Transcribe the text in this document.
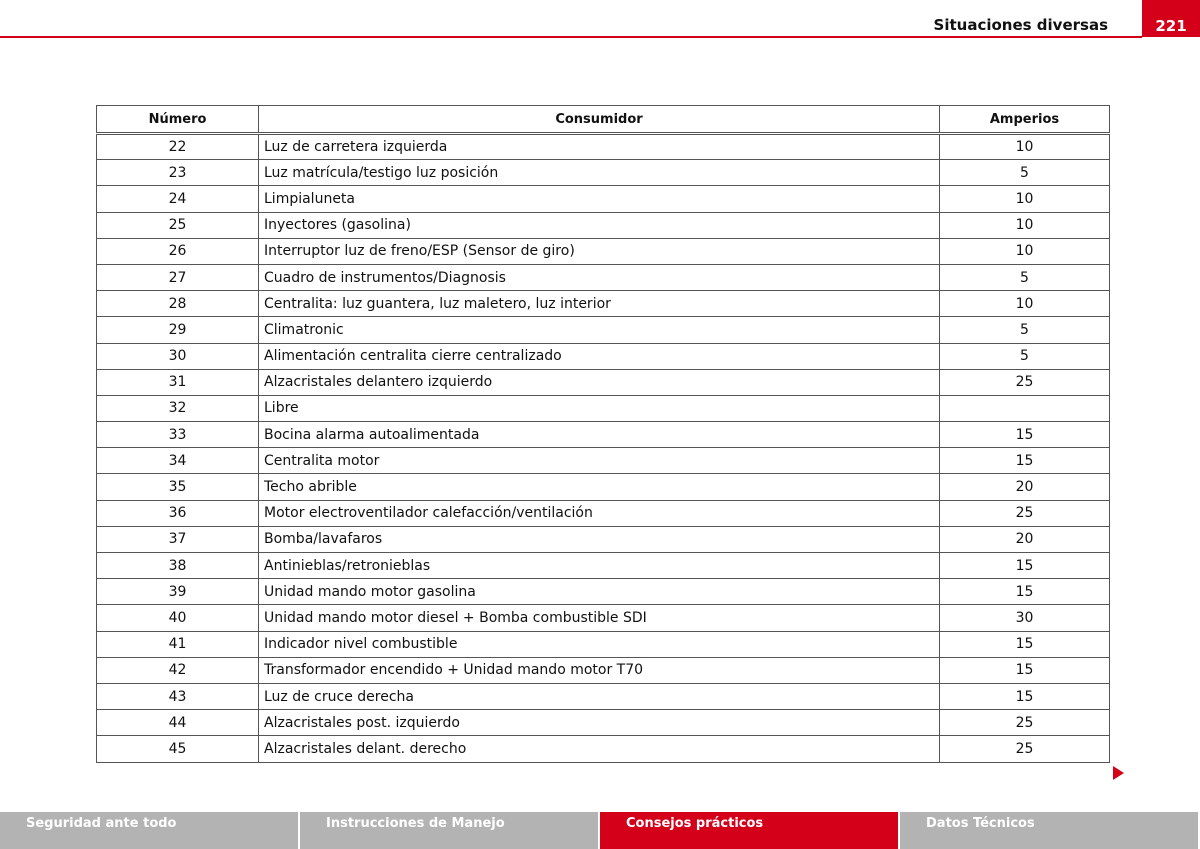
Situaciones diversas	221
Número	Consumidor	Amperios
22	Luz de carretera izquierda	10
23	Luz matrícula/testigo luz posición	5
24	Limpialuneta	10
25	Inyectores (gasolina)	10
26	Interruptor luz de freno/ESP (Sensor de giro)	10
27	Cuadro de instrumentos/Diagnosis	5
28	Centralita: luz guantera, luz maletero, luz interior	10
29	Climatronic	5
30	Alimentación centralita cierre centralizado	5
31	Alzacristales delantero izquierdo	25
32	Libre	
33	Bocina alarma autoalimentada	15
34	Centralita motor	15
35	Techo abrible	20
36	Motor electroventilador calefacción/ventilación	25
37	Bomba/lavafaros	20
38	Antinieblas/retronieblas	15
39	Unidad mando motor gasolina	15
40	Unidad mando motor diesel + Bomba combustible SDI	30
41	Indicador nivel combustible	15
42	Transformador encendido + Unidad mando motor T70	15
43	Luz de cruce derecha	15
44	Alzacristales post. izquierdo	25
45	Alzacristales delant. derecho	25
Seguridad ante todo	Instrucciones de Manejo	Consejos prácticos	Datos Técnicos
